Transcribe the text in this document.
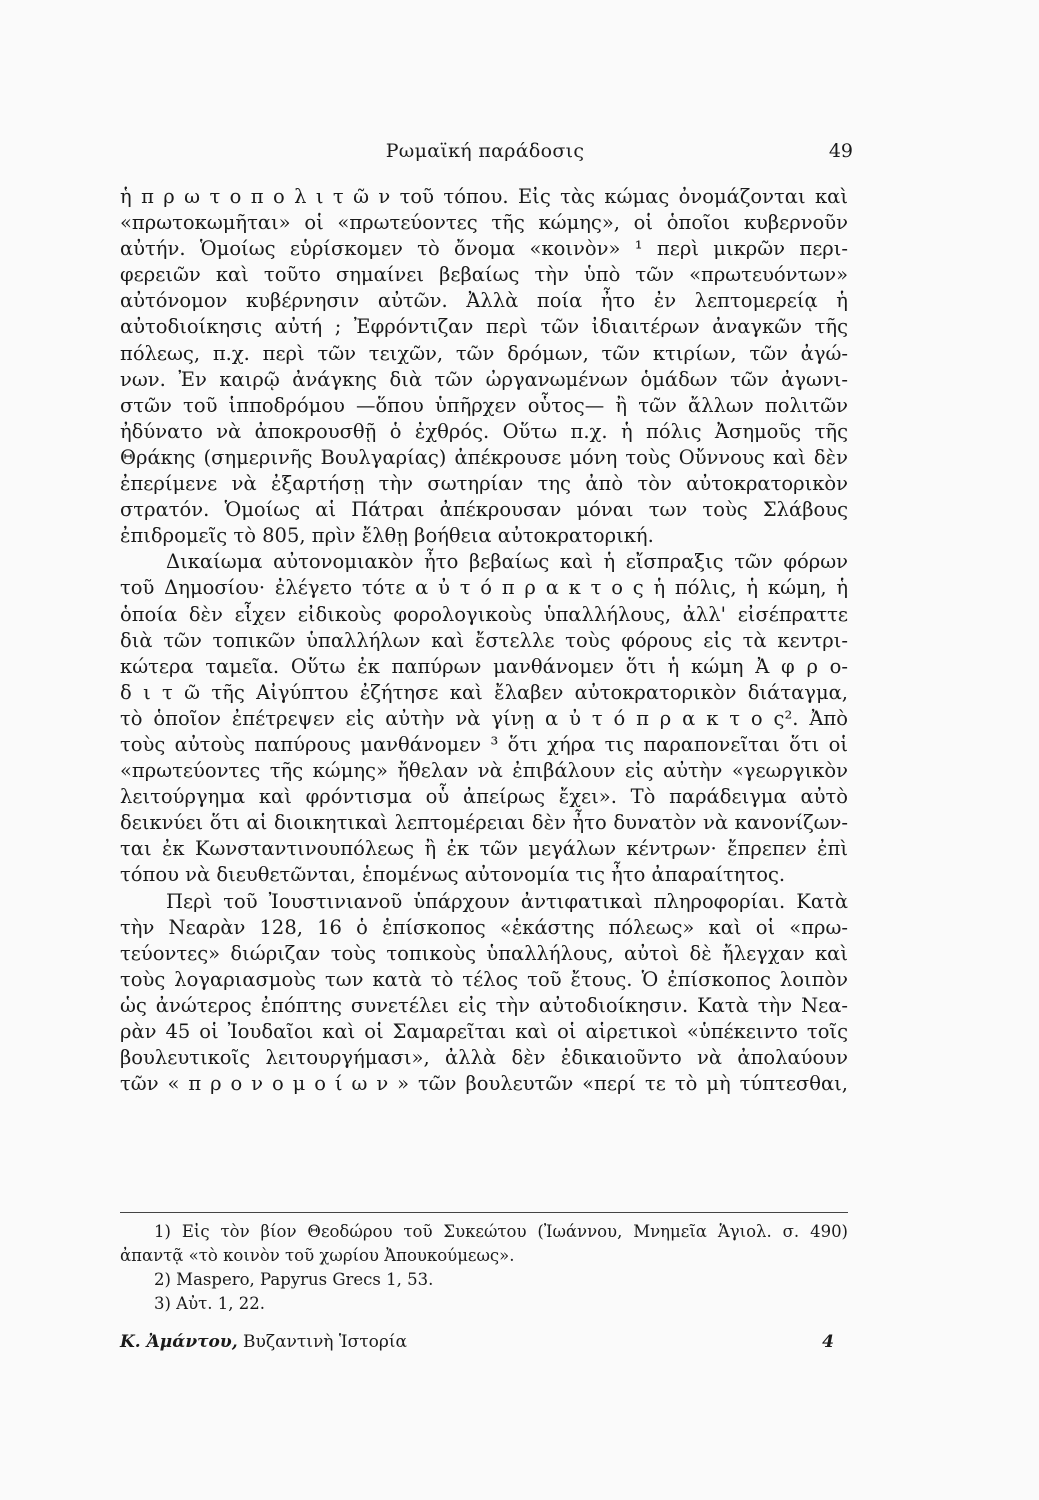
Ρωμαϊκή παράδοσις	49
ἡ π ρ ω τ ο π ο λ ι τ ῶ ν τοῦ τόπου. Εἰς τὰς κώμας ὀνομάζονται καὶ
«πρωτοκωμῆται» οἱ «πρωτεύοντες τῆς κώμης», οἱ ὁποῖοι κυβερνοῦν
αὐτήν. Ὁμοίως εὑρίσκομεν τὸ ὄνομα «κοινὸν» ¹ περὶ μικρῶν περι-
φερειῶν καὶ τοῦτο σημαίνει βεβαίως τὴν ὑπὸ τῶν «πρωτευόντων»
αὐτόνομον κυβέρνησιν αὐτῶν. Ἀλλὰ ποία ἦτο ἐν λεπτομερείᾳ ἡ
αὐτοδιοίκησις αὐτή ; Ἐφρόντιζαν περὶ τῶν ἰδιαιτέρων ἀναγκῶν τῆς
πόλεως, π.χ. περὶ τῶν τειχῶν, τῶν δρόμων, τῶν κτιρίων, τῶν ἀγώ-
νων. Ἐν καιρῷ ἀνάγκης διὰ τῶν ὠργανωμένων ὁμάδων τῶν ἀγωνι-
στῶν τοῦ ἱπποδρόμου —ὅπου ὑπῆρχεν οὗτος— ἢ τῶν ἄλλων πολιτῶν
ἠδύνατο νὰ ἀποκρουσθῇ ὁ ἐχθρός. Οὕτω π.χ. ἡ πόλις Ἀσημοῦς τῆς
Θράκης (σημερινῆς Βουλγαρίας) ἀπέκρουσε μόνη τοὺς Οὔννους καὶ δὲν
ἐπερίμενε νὰ ἐξαρτήσῃ τὴν σωτηρίαν της ἀπὸ τὸν αὐτοκρατορικὸν
στρατόν. Ὁμοίως αἱ Πάτραι ἀπέκρουσαν μόναι των τοὺς Σλάβους
ἐπιδρομεῖς τὸ 805, πρὶν ἔλθῃ βοήθεια αὐτοκρατορική.
Δικαίωμα αὐτονομιακὸν ἦτο βεβαίως καὶ ἡ εἴσπραξις τῶν φόρων
τοῦ Δημοσίου· ἐλέγετο τότε α ὐ τ ό π ρ α κ τ ο ς ἡ πόλις, ἡ κώμη, ἡ
ὁποία δὲν εἶχεν εἰδικοὺς φορολογικοὺς ὑπαλλήλους, ἀλλ' εἰσέπραττε
διὰ τῶν τοπικῶν ὑπαλλήλων καὶ ἔστελλε τοὺς φόρους εἰς τὰ κεντρι-
κώτερα ταμεῖα. Οὕτω ἐκ παπύρων μανθάνομεν ὅτι ἡ κώμη Ἀ φ ρ ο-
δ ι τ ῶ τῆς Αἰγύπτου ἐζήτησε καὶ ἔλαβεν αὐτοκρατορικὸν διάταγμα,
τὸ ὁποῖον ἐπέτρεψεν εἰς αὐτὴν νὰ γίνῃ α ὐ τ ό π ρ α κ τ ο ς². Ἀπὸ
τοὺς αὐτοὺς παπύρους μανθάνομεν ³ ὅτι χήρα τις παραπονεῖται ὅτι οἱ
«πρωτεύοντες τῆς κώμης» ἤθελαν νὰ ἐπιβάλουν εἰς αὐτὴν «γεωργικὸν
λειτούργημα καὶ φρόντισμα οὗ ἀπείρως ἔχει». Τὸ παράδειγμα αὐτὸ
δεικνύει ὅτι αἱ διοικητικαὶ λεπτομέρειαι δὲν ἦτο δυνατὸν νὰ κανονίζων-
ται ἐκ Κωνσταντινουπόλεως ἢ ἐκ τῶν μεγάλων κέντρων· ἔπρεπεν ἐπὶ
τόπου νὰ διευθετῶνται, ἑπομένως αὐτονομία τις ἦτο ἀπαραίτητος.
Περὶ τοῦ Ἰουστινιανοῦ ὑπάρχουν ἀντιφατικαὶ πληροφορίαι. Κατὰ
τὴν Νεαρὰν 128, 16 ὁ ἐπίσκοπος «ἑκάστης πόλεως» καὶ οἱ «πρω-
τεύοντες» διώριζαν τοὺς τοπικοὺς ὑπαλλήλους, αὐτοὶ δὲ ἤλεγχαν καὶ
τοὺς λογαριασμοὺς των κατὰ τὸ τέλος τοῦ ἔτους. Ὁ ἐπίσκοπος λοιπὸν
ὡς ἀνώτερος ἐπόπτης συνετέλει εἰς τὴν αὐτοδιοίκησιν. Κατὰ τὴν Νεα-
ρὰν 45 οἱ Ἰουδαῖοι καὶ οἱ Σαμαρεῖται καὶ οἱ αἱρετικοὶ «ὑπέκειντο τοῖς
βουλευτικοῖς λειτουργήμασι», ἀλλὰ δὲν ἐδικαιοῦντο νὰ ἀπολαύουν
τῶν « π ρ ο ν ο μ ο ί ω ν » τῶν βουλευτῶν «περί τε τὸ μὴ τύπτεσθαι,
1) Εἰς τὸν βίον Θεοδώρου τοῦ Συκεώτου (Ἰωάννου, Μνημεῖα Ἁγιολ. σ. 490)
ἀπαντᾷ «τὸ κοινὸν τοῦ χωρίου Ἀπουκούμεως».
2) Maspero, Papyrus Grecs 1, 53.
3) Αὐτ. 1, 22.
Κ. Ἀμάντου, Βυζαντινὴ Ἱστορία	4
